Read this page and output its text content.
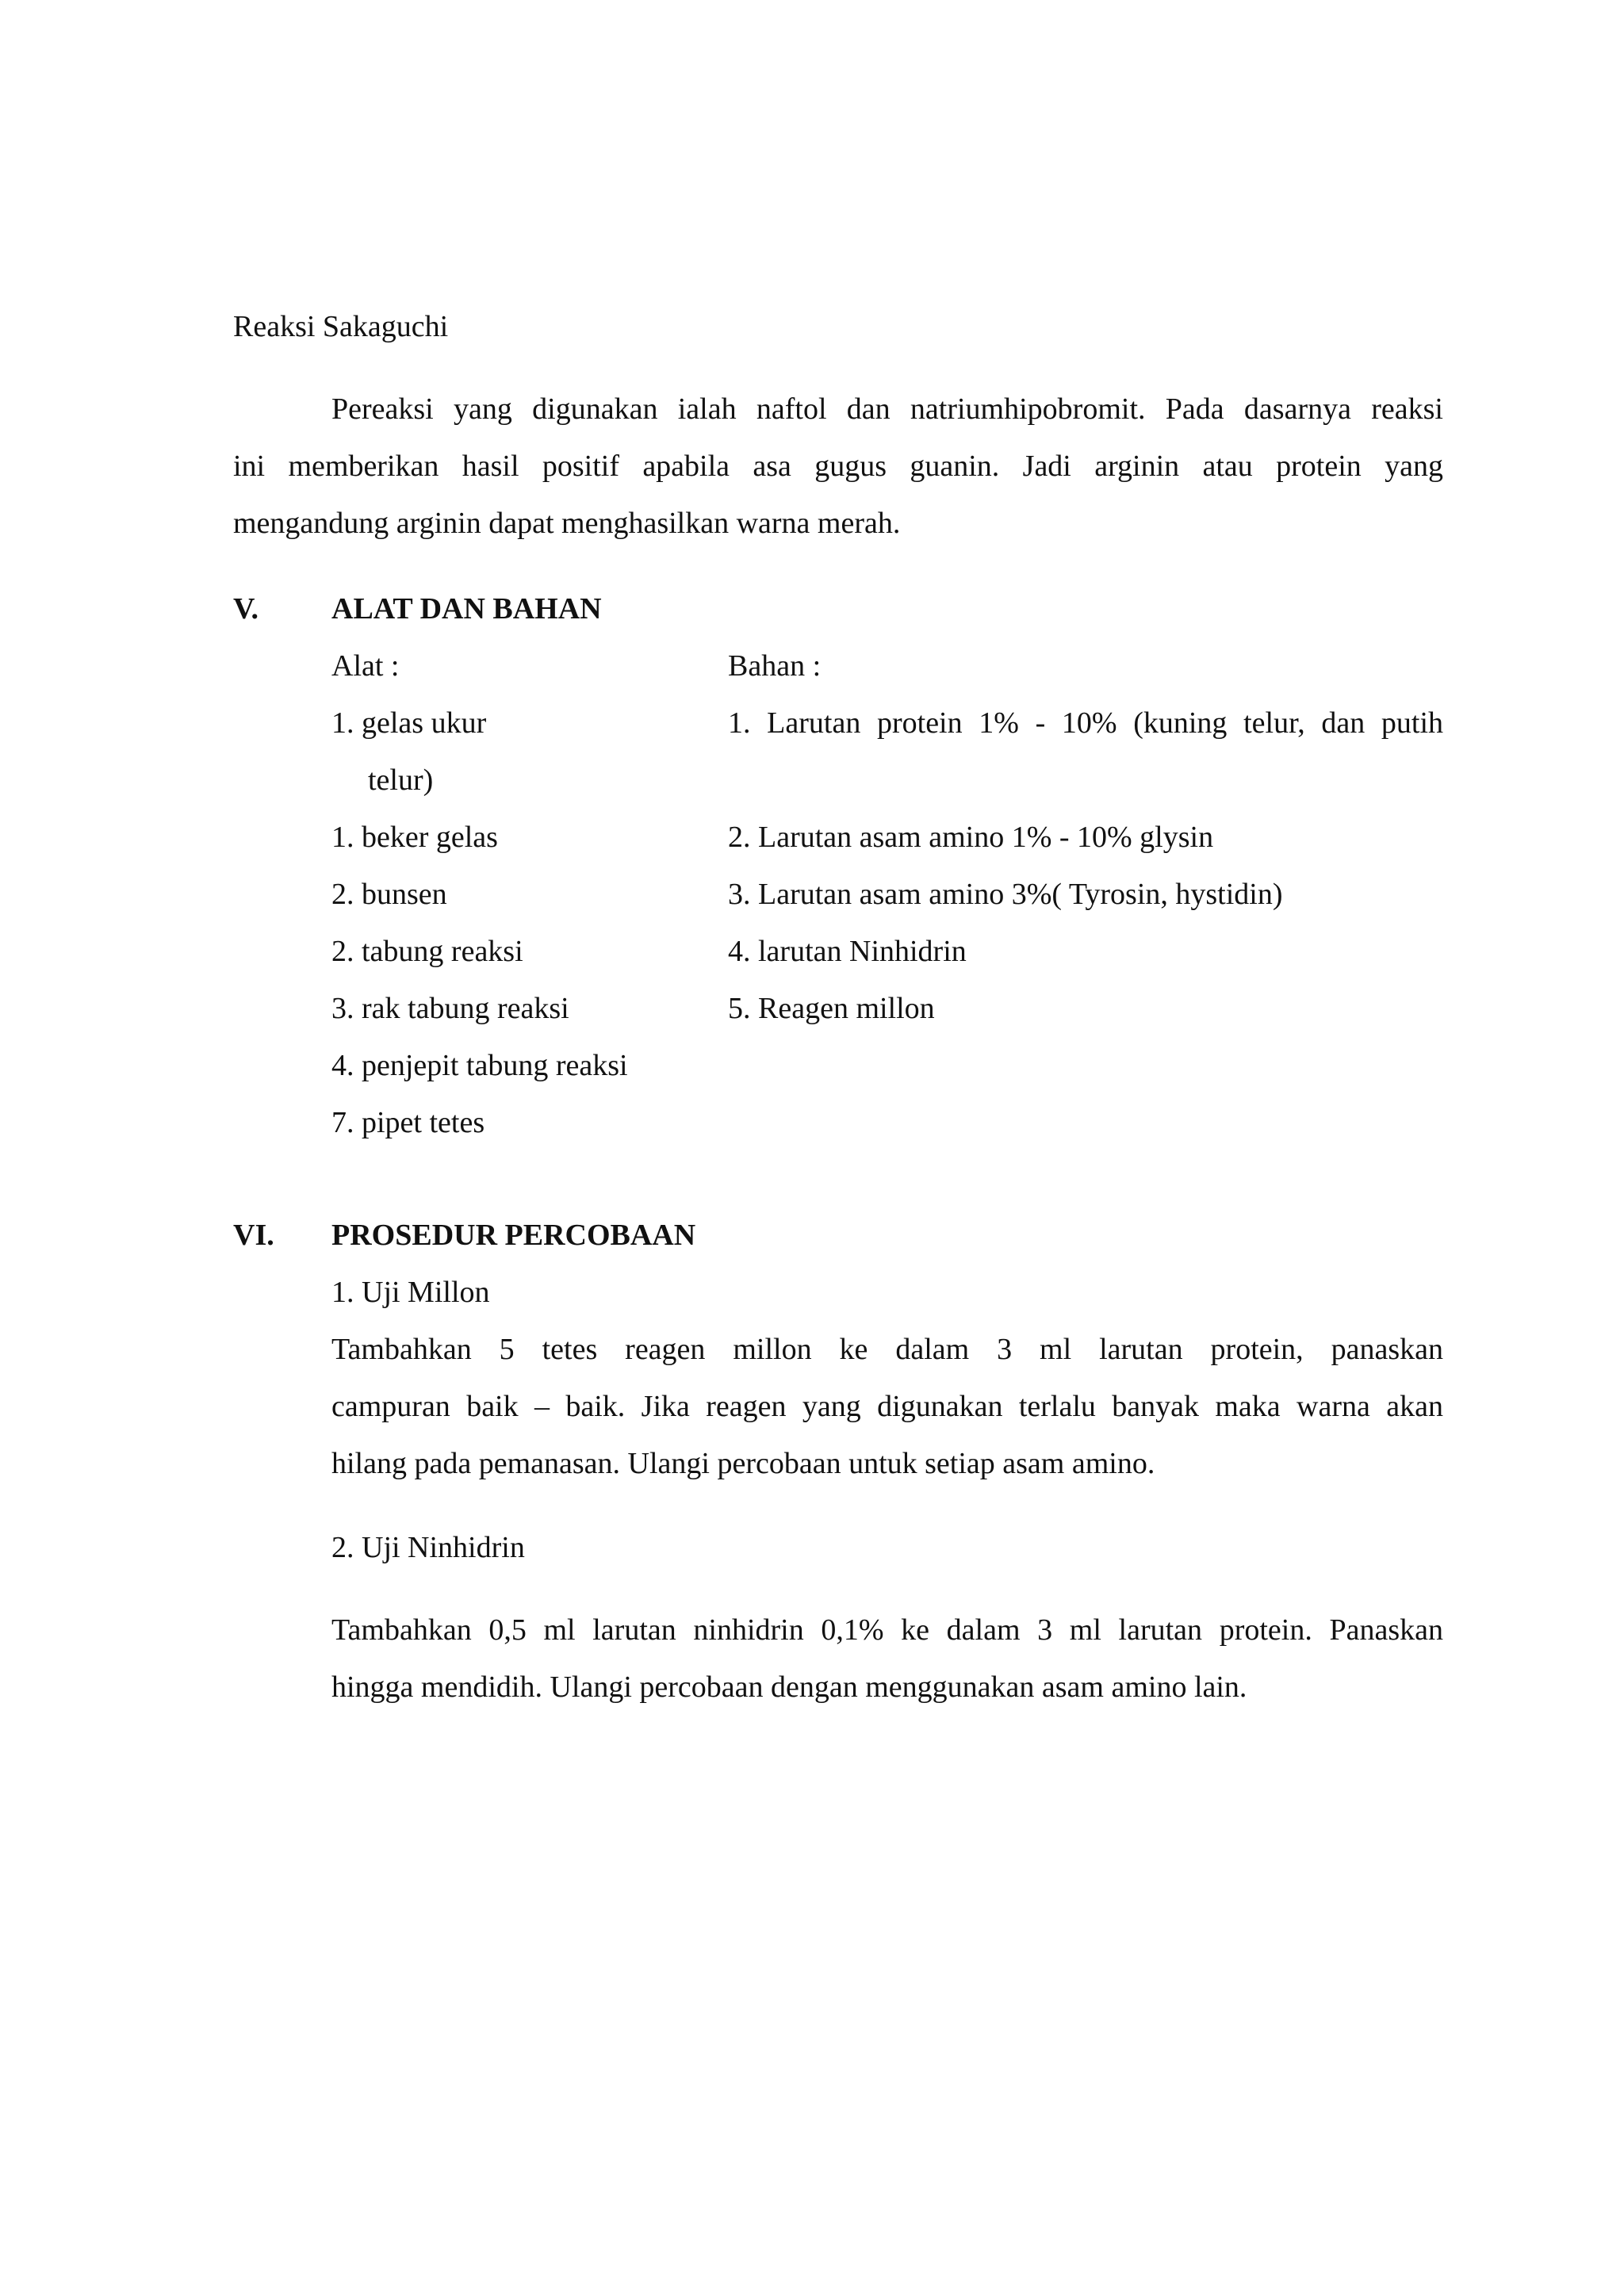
Reaksi Sakaguchi
Pereaksi yang digunakan ialah naftol dan natriumhipobromit. Pada dasarnya reaksi
ini memberikan hasil positif apabila asa gugus guanin. Jadi arginin atau protein yang
mengandung arginin dapat menghasilkan warna merah.
V. ALAT DAN BAHAN
Alat :	Bahan :
1. gelas ukur	1. Larutan protein 1% - 10% (kuning telur, dan putih
telur)
1. beker gelas	2. Larutan asam amino 1% - 10% glysin
2. bunsen	3. Larutan asam amino 3%( Tyrosin, hystidin)
2. tabung reaksi	4. larutan Ninhidrin
3. rak tabung reaksi	5. Reagen millon
4. penjepit tabung reaksi
7. pipet tetes
VI. PROSEDUR PERCOBAAN
1. Uji Millon
Tambahkan 5 tetes reagen millon ke dalam 3 ml larutan protein, panaskan
campuran baik – baik. Jika reagen yang digunakan terlalu banyak maka warna akan
hilang pada pemanasan. Ulangi percobaan untuk setiap asam amino.
2. Uji Ninhidrin
Tambahkan 0,5 ml larutan ninhidrin 0,1% ke dalam 3 ml larutan protein. Panaskan
hingga mendidih. Ulangi percobaan dengan menggunakan asam amino lain.
